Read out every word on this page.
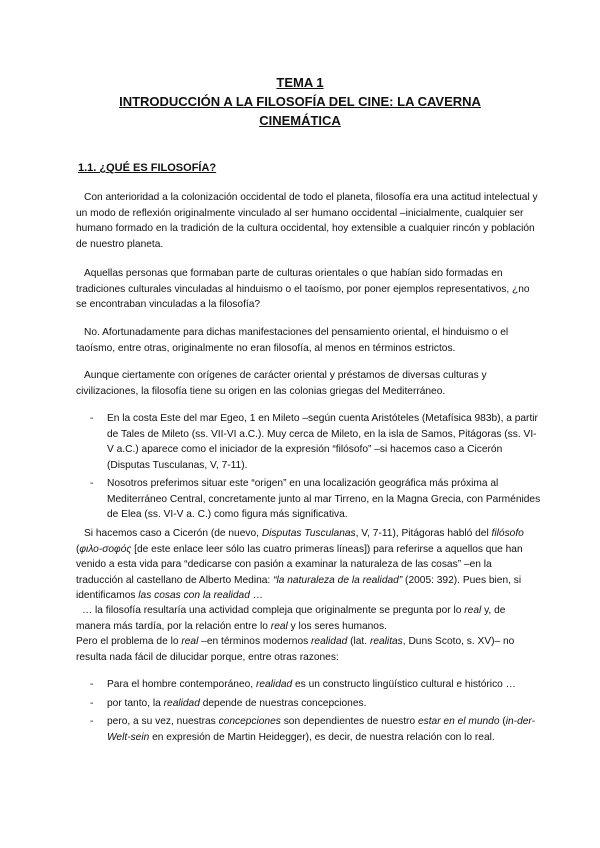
TEMA 1
INTRODUCCIÓN A LA FILOSOFÍA DEL CINE: LA CAVERNA
CINEMÁTICA
1.1. ¿QUÉ ES FILOSOFÍA?
Con anterioridad a la colonización occidental de todo el planeta, filosofía era una actitud intelectual y un modo de reflexión originalmente vinculado al ser humano occidental –inicialmente, cualquier ser humano formado en la tradición de la cultura occidental, hoy extensible a cualquier rincón y población de nuestro planeta.
Aquellas personas que formaban parte de culturas orientales o que habían sido formadas en tradiciones culturales vinculadas al hinduismo o el taoísmo, por poner ejemplos representativos, ¿no se encontraban vinculadas a la filosofía?
No. Afortunadamente para dichas manifestaciones del pensamiento oriental, el hinduismo o el taoísmo, entre otras, originalmente no eran filosofía, al menos en términos estrictos.
Aunque ciertamente con orígenes de carácter oriental y préstamos de diversas culturas y civilizaciones, la filosofía tiene su origen en las colonias griegas del Mediterráneo.
- En la costa Este del mar Egeo, 1 en Mileto –según cuenta Aristóteles (Metafísica 983b), a partir de Tales de Mileto (ss. VII-VI a.C.). Muy cerca de Mileto, en la isla de Samos, Pitágoras (ss. VI-V a.C.) aparece como el iniciador de la expresión “filósofo” –si hacemos caso a Cicerón (Disputas Tusculanas, V, 7-11).
- Nosotros preferimos situar este “origen” en una localización geográfica más próxima al Mediterráneo Central, concretamente junto al mar Tirreno, en la Magna Grecia, con Parménides de Elea (ss. VI-V a. C.) como figura más significativa.
Si hacemos caso a Cicerón (de nuevo, Disputas Tusculanas, V, 7-11), Pitágoras habló del filósofo (φιλο-σοφός [de este enlace leer sólo las cuatro primeras líneas]) para referirse a aquellos que han venido a esta vida para “dedicarse con pasión a examinar la naturaleza de las cosas” –en la traducción al castellano de Alberto Medina: “la naturaleza de la realidad” (2005: 392). Pues bien, si identificamos las cosas con la realidad …
… la filosofía resultaría una actividad compleja que originalmente se pregunta por lo real y, de manera más tardía, por la relación entre lo real y los seres humanos.
Pero el problema de lo real –en términos modernos realidad (lat. realitas, Duns Scoto, s. XV)– no resulta nada fácil de dilucidar porque, entre otras razones:
- Para el hombre contemporáneo, realidad es un constructo lingüístico cultural e histórico …
- por tanto, la realidad depende de nuestras concepciones.
- pero, a su vez, nuestras concepciones son dependientes de nuestro estar en el mundo (in-der-Welt-sein en expresión de Martin Heidegger), es decir, de nuestra relación con lo real.
